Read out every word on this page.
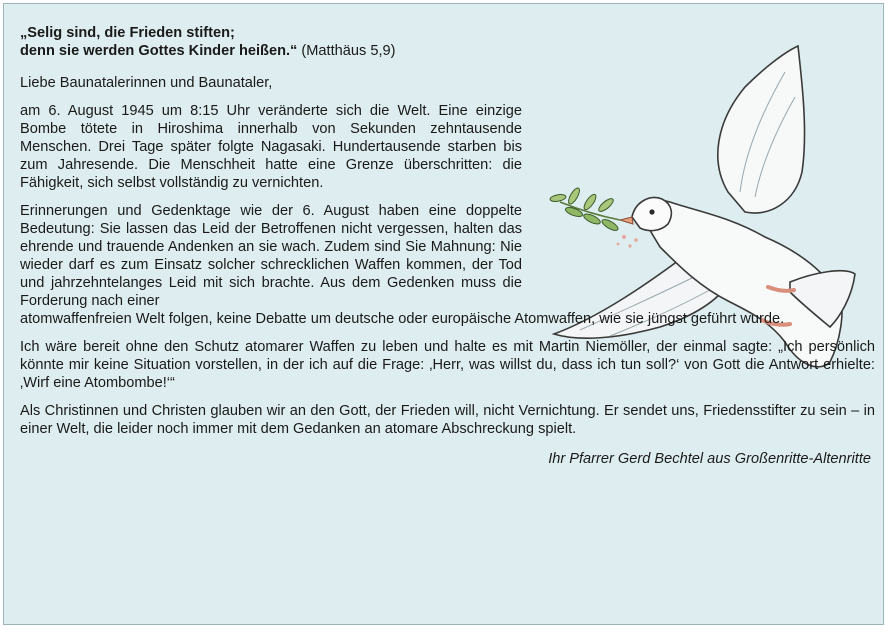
„Selig sind, die Frieden stiften;
denn sie werden Gottes Kinder heißen.“ (Matthäus 5,9)

Liebe Baunatalerinnen und Baunataler,

am 6. August 1945 um 8:15 Uhr veränderte sich die Welt. Eine einzige Bombe tötete in Hiroshima innerhalb von Sekunden zehntausende Menschen. Drei Tage später folgte Nagasaki. Hundertausende starben bis zum Jahresende. Die Menschheit hatte eine Grenze überschritten: die Fähigkeit, sich selbst vollständig zu vernichten.

Erinnerungen und Gedenktage wie der 6. August haben eine doppelte Bedeutung: Sie lassen das Leid der Betroffenen nicht vergessen, halten das ehrende und trauende Andenken an sie wach. Zudem sind Sie Mahnung: Nie wieder darf es zum Einsatz solcher schrecklichen Waffen kommen, der Tod und jahrzehntelanges Leid mit sich brachte. Aus dem Gedenken muss die Forderung nach einer

atomwaffenfreien Welt folgen, keine Debatte um deutsche oder europäische Atomwaffen, wie sie jüngst geführt wurde.

Ich wäre bereit ohne den Schutz atomarer Waffen zu leben und halte es mit Martin Niemöller, der einmal sagte: „Ich persönlich könnte mir keine Situation vorstellen, in der ich auf die Frage: ‚Herr, was willst du, dass ich tun soll?‘ von Gott die Antwort erhielte: ‚Wirf eine Atombombe!‘“

Als Christinnen und Christen glauben wir an den Gott, der Frieden will, nicht Vernichtung. Er sendet uns, Friedensstifter zu sein – in einer Welt, die leider noch immer mit dem Gedanken an atomare Abschreckung spielt.

Ihr Pfarrer Gerd Bechtel aus Großenritte-Altenritte
